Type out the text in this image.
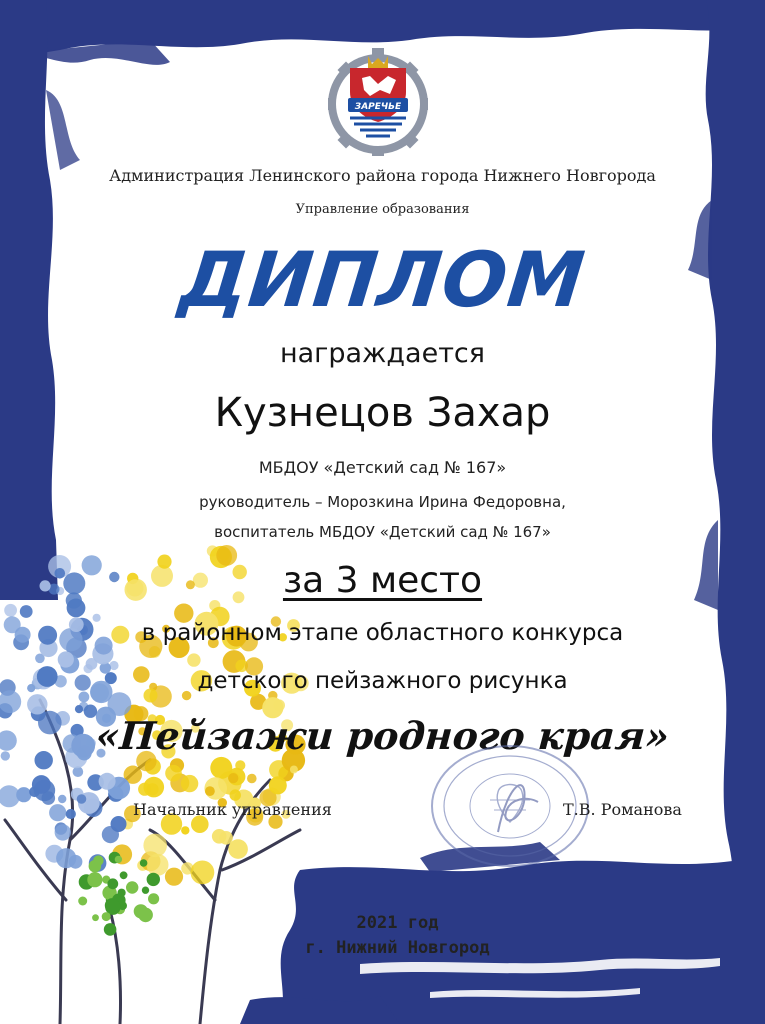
ЗАРЕЧЬЕ
Администрация Ленинского района города Нижнего Новгорода
Управление образования
ДИПЛОМ
награждается
Кузнецов Захар
МБДОУ «Детский сад № 167»
руководитель – Морозкина Ирина Федоровна,
воспитатель МБДОУ «Детский сад № 167»
за 3 место
в районном этапе областного конкурса
детского пейзажного рисунка
«Пейзажи родного края»
Начальник управления	Т.В. Романова
2021 год
г. Нижний Новгород
